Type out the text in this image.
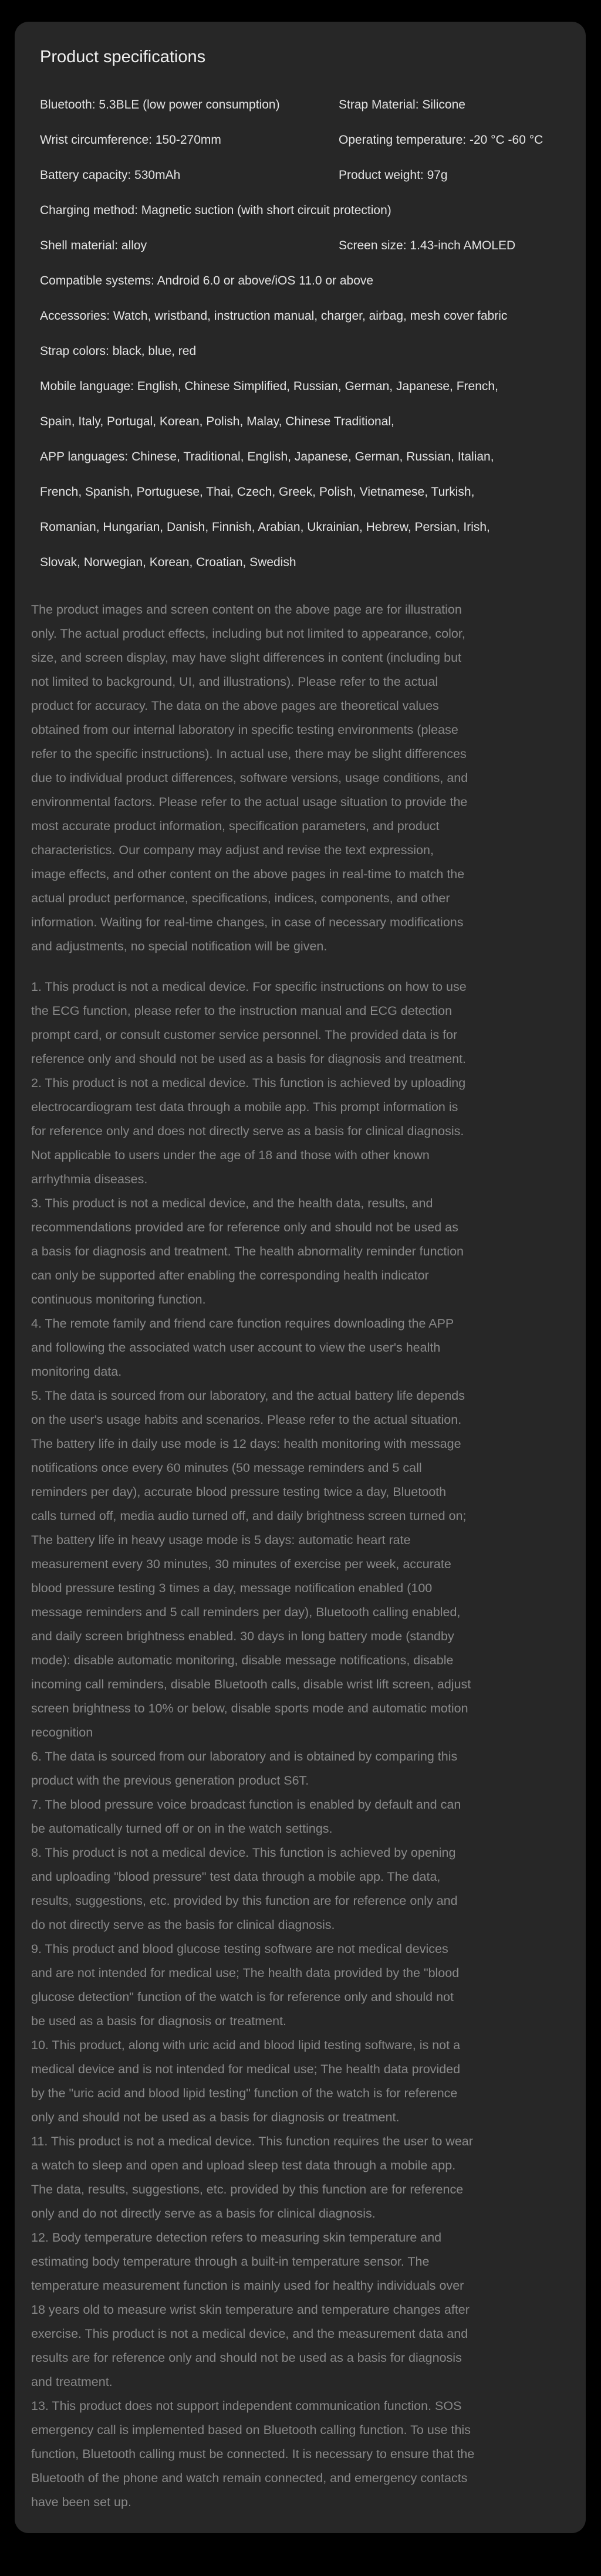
Product specifications
Bluetooth: 5.3BLE (low power consumption)	Strap Material: Silicone
Wrist circumference: 150-270mm	Operating temperature: -20 °C -60 °C
Battery capacity: 530mAh	Product weight: 97g
Charging method: Magnetic suction (with short circuit protection)
Shell material: alloy	Screen size: 1.43-inch AMOLED
Compatible systems: Android 6.0 or above/iOS 11.0 or above
Accessories: Watch, wristband, instruction manual, charger, airbag, mesh cover fabric
Strap colors: black, blue, red
Mobile language: English, Chinese Simplified, Russian, German, Japanese, French,
Spain, Italy, Portugal, Korean, Polish, Malay, Chinese Traditional,
APP languages: Chinese, Traditional, English, Japanese, German, Russian, Italian,
French, Spanish, Portuguese, Thai, Czech, Greek, Polish, Vietnamese, Turkish,
Romanian, Hungarian, Danish, Finnish, Arabian, Ukrainian, Hebrew, Persian, Irish,
Slovak, Norwegian, Korean, Croatian, Swedish
The product images and screen content on the above page are for illustration
only. The actual product effects, including but not limited to appearance, color,
size, and screen display, may have slight differences in content (including but
not limited to background, UI, and illustrations). Please refer to the actual
product for accuracy. The data on the above pages are theoretical values
obtained from our internal laboratory in specific testing environments (please
refer to the specific instructions). In actual use, there may be slight differences
due to individual product differences, software versions, usage conditions, and
environmental factors. Please refer to the actual usage situation to provide the
most accurate product information, specification parameters, and product
characteristics. Our company may adjust and revise the text expression,
image effects, and other content on the above pages in real-time to match the
actual product performance, specifications, indices, components, and other
information. Waiting for real-time changes, in case of necessary modifications
and adjustments, no special notification will be given.
1. This product is not a medical device. For specific instructions on how to use
the ECG function, please refer to the instruction manual and ECG detection
prompt card, or consult customer service personnel. The provided data is for
reference only and should not be used as a basis for diagnosis and treatment.
2. This product is not a medical device. This function is achieved by uploading
electrocardiogram test data through a mobile app. This prompt information is
for reference only and does not directly serve as a basis for clinical diagnosis.
Not applicable to users under the age of 18 and those with other known
arrhythmia diseases.
3. This product is not a medical device, and the health data, results, and
recommendations provided are for reference only and should not be used as
a basis for diagnosis and treatment. The health abnormality reminder function
can only be supported after enabling the corresponding health indicator
continuous monitoring function.
4. The remote family and friend care function requires downloading the APP
and following the associated watch user account to view the user's health
monitoring data.
5. The data is sourced from our laboratory, and the actual battery life depends
on the user's usage habits and scenarios. Please refer to the actual situation.
The battery life in daily use mode is 12 days: health monitoring with message
notifications once every 60 minutes (50 message reminders and 5 call
reminders per day), accurate blood pressure testing twice a day, Bluetooth
calls turned off, media audio turned off, and daily brightness screen turned on;
The battery life in heavy usage mode is 5 days: automatic heart rate
measurement every 30 minutes, 30 minutes of exercise per week, accurate
blood pressure testing 3 times a day, message notification enabled (100
message reminders and 5 call reminders per day), Bluetooth calling enabled,
and daily screen brightness enabled. 30 days in long battery mode (standby
mode): disable automatic monitoring, disable message notifications, disable
incoming call reminders, disable Bluetooth calls, disable wrist lift screen, adjust
screen brightness to 10% or below, disable sports mode and automatic motion
recognition
6. The data is sourced from our laboratory and is obtained by comparing this
product with the previous generation product S6T.
7. The blood pressure voice broadcast function is enabled by default and can
be automatically turned off or on in the watch settings.
8. This product is not a medical device. This function is achieved by opening
and uploading "blood pressure" test data through a mobile app. The data,
results, suggestions, etc. provided by this function are for reference only and
do not directly serve as the basis for clinical diagnosis.
9. This product and blood glucose testing software are not medical devices
and are not intended for medical use; The health data provided by the "blood
glucose detection" function of the watch is for reference only and should not
be used as a basis for diagnosis or treatment.
10. This product, along with uric acid and blood lipid testing software, is not a
medical device and is not intended for medical use; The health data provided
by the "uric acid and blood lipid testing" function of the watch is for reference
only and should not be used as a basis for diagnosis or treatment.
11. This product is not a medical device. This function requires the user to wear
a watch to sleep and open and upload sleep test data through a mobile app.
The data, results, suggestions, etc. provided by this function are for reference
only and do not directly serve as a basis for clinical diagnosis.
12. Body temperature detection refers to measuring skin temperature and
estimating body temperature through a built-in temperature sensor. The
temperature measurement function is mainly used for healthy individuals over
18 years old to measure wrist skin temperature and temperature changes after
exercise. This product is not a medical device, and the measurement data and
results are for reference only and should not be used as a basis for diagnosis
and treatment.
13. This product does not support independent communication function. SOS
emergency call is implemented based on Bluetooth calling function. To use this
function, Bluetooth calling must be connected. It is necessary to ensure that the
Bluetooth of the phone and watch remain connected, and emergency contacts
have been set up.
